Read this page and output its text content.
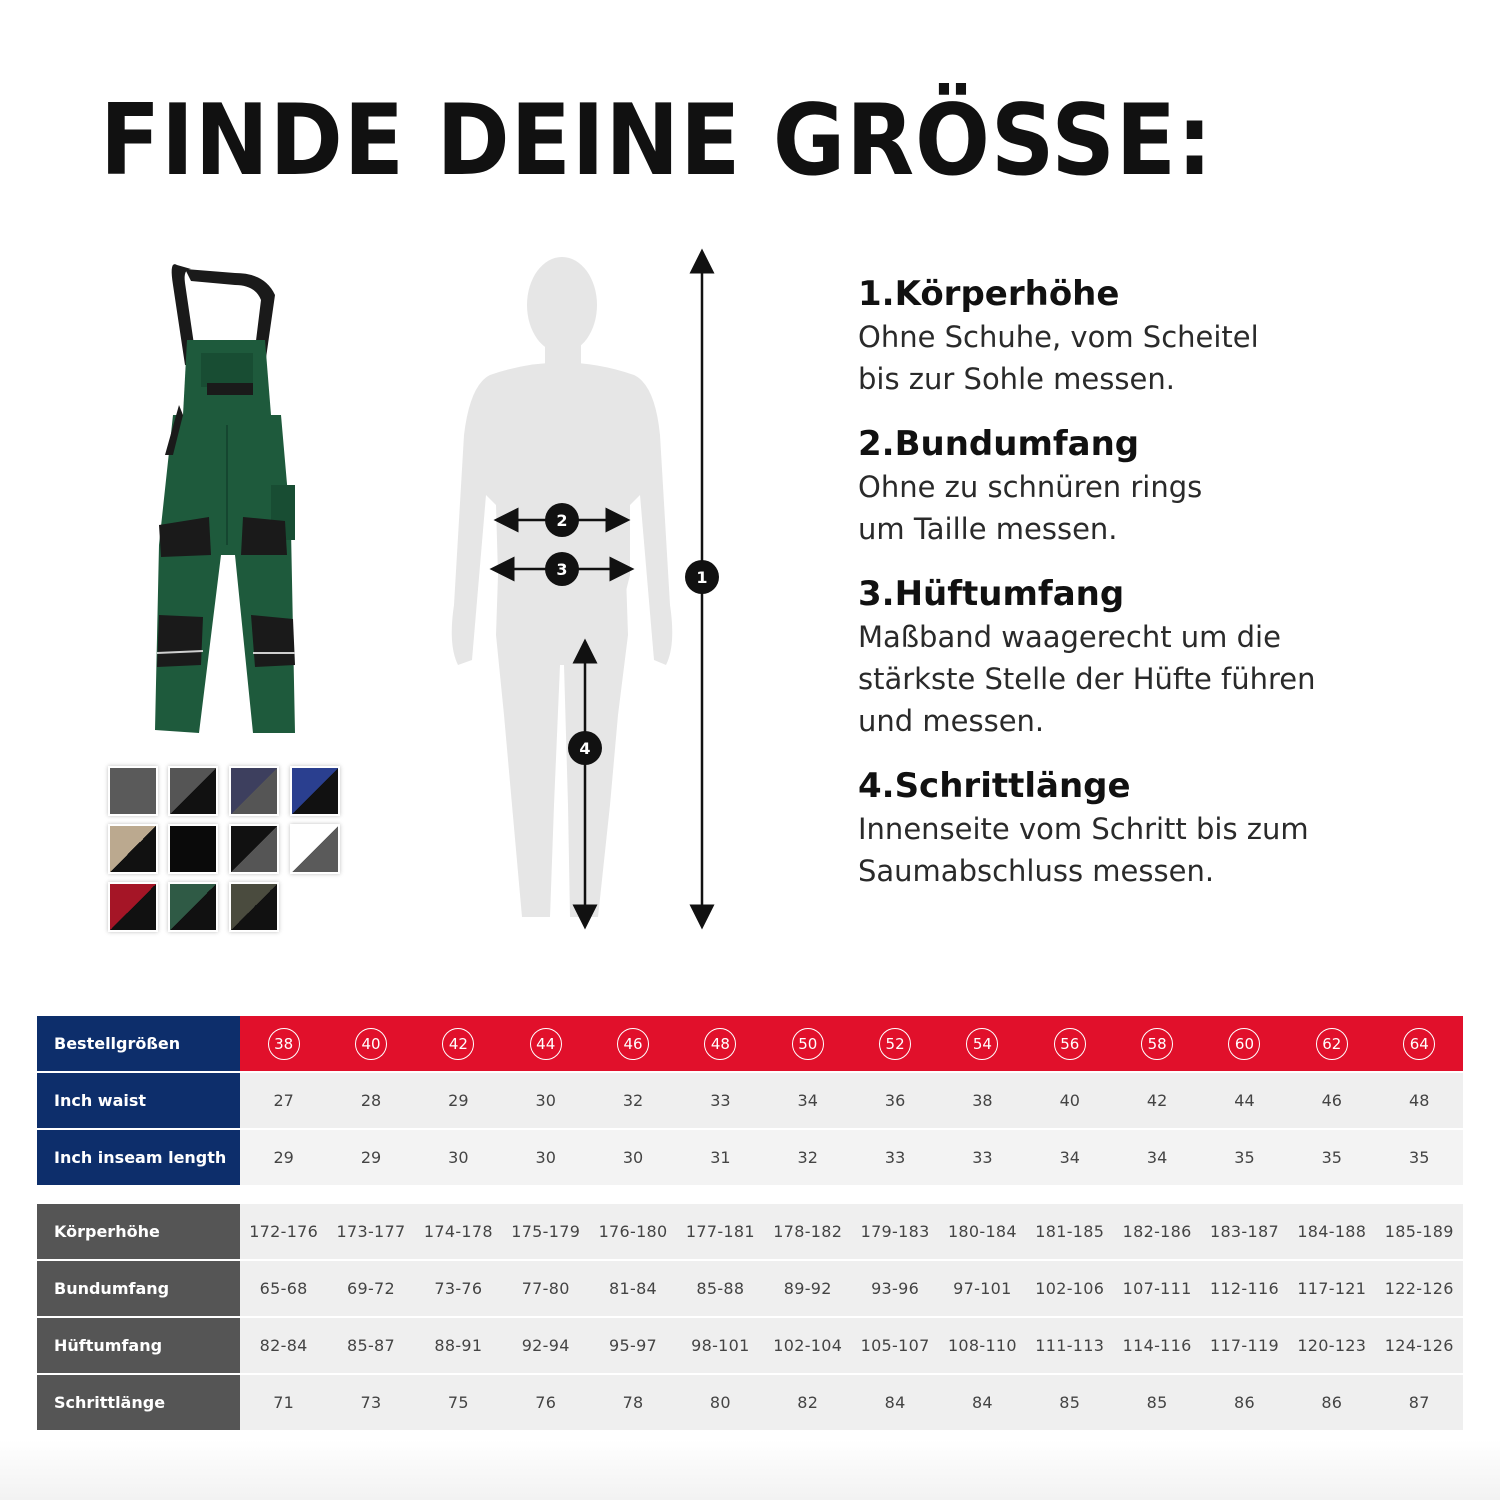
FINDE DEINE GRÖSSE:
1
2
3
4
1.Körperhöhe
Ohne Schuhe, vom Scheitel
bis zur Sohle messen.
2.Bundumfang
Ohne zu schnüren rings
um Taille messen.
3.Hüftumfang
Maßband waagerecht um die
stärkste Stelle der Hüfte führen
und messen.
4.Schrittlänge
Innenseite vom Schritt bis zum
Saumabschluss messen.
Bestellgrößen	38	40	42	44	46	48	50	52	54	56	58	60	62	64
Inch waist	27	28	29	30	32	33	34	36	38	40	42	44	46	48
Inch inseam length	29	29	30	30	30	31	32	33	33	34	34	35	35	35
Körperhöhe	172-176	173-177	174-178	175-179	176-180	177-181	178-182	179-183	180-184	181-185	182-186	183-187	184-188	185-189
Bundumfang	65-68	69-72	73-76	77-80	81-84	85-88	89-92	93-96	97-101	102-106	107-111	112-116	117-121	122-126
Hüftumfang	82-84	85-87	88-91	92-94	95-97	98-101	102-104	105-107	108-110	111-113	114-116	117-119	120-123	124-126
Schrittlänge	71	73	75	76	78	80	82	84	84	85	85	86	86	87
